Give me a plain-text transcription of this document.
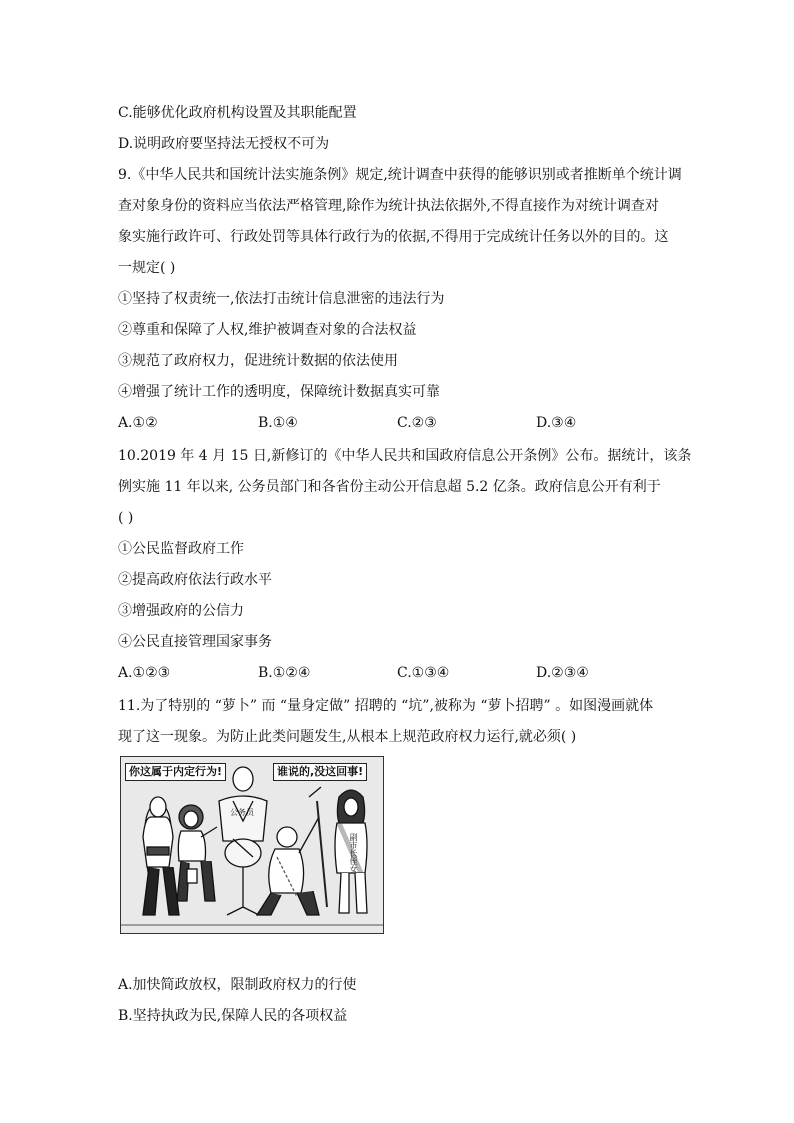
C.能够优化政府机构设置及其职能配置
D.说明政府要坚持法无授权不可为
9.《中华人民共和国统计法实施条例》规定,统计调查中获得的能够识别或者推断单个统计调
查对象身份的资料应当依法严格管理,除作为统计执法依据外,不得直接作为对统计调查对
象实施行政许可、行政处罚等具体行政行为的依据,不得用于完成统计任务以外的目的。这
一规定( )
①坚持了权责统一,依法打击统计信息泄密的违法行为
②尊重和保障了人权,维护被调查对象的合法权益
③规范了政府权力，促进统计数据的依法使用
④增强了统计工作的透明度，保障统计数据真实可靠
A.①②	B.①④	C.②③	D.③④
10.2019 年 4 月 15 日,新修订的《中华人民共和国政府信息公开条例》公布。据统计，该条
例实施 11 年以来, 公务员部门和各省份主动公开信息超 5.2 亿条。政府信息公开有利于
( )
①公民监督政府工作
②提高政府依法行政水平
③增强政府的公信力
④公民直接管理国家事务
A.①②③	B.①②④	C.①③④	D.②③④
11.为了特别的 “萝卜” 而 “量身定做” 招聘的 “坑”,被称为 “萝卜招聘” 。如图漫画就体
现了这一现象。为防止此类问题发生,从根本上规范政府权力运行,就必须( )
你这属于内定行为!	谁说的,没这回事!
公务员
副市长侄女
A.加快简政放权，限制政府权力的行使
B.坚持执政为民,保障人民的各项权益
